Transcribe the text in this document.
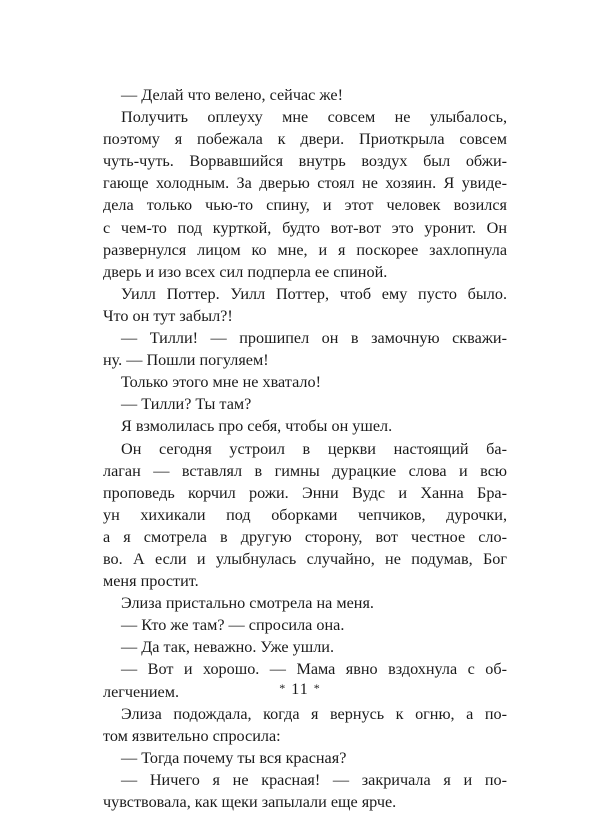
— Делай что велено, сейчас же!
Получить оплеуху мне совсем не улыбалось,
поэтому я побежала к двери. Приоткрыла совсем
чуть-чуть. Ворвавшийся внутрь воздух был обжи-
гающе холодным. За дверью стоял не хозяин. Я увиде-
дела только чью-то спину, и этот человек возился
с чем-то под курткой, будто вот-вот это уронит. Он
развернулся лицом ко мне, и я поскорее захлопнула
дверь и изо всех сил подперла ее спиной.
Уилл Поттер. Уилл Поттер, чтоб ему пусто было.
Что он тут забыл?!
— Тилли! — прошипел он в замочную скважи-
ну. — Пошли погуляем!
Только этого мне не хватало!
— Тилли? Ты там?
Я взмолилась про себя, чтобы он ушел.
Он сегодня устроил в церкви настоящий ба-
лаган — вставлял в гимны дурацкие слова и всю
проповедь корчил рожи. Энни Вудс и Ханна Бра-
ун хихикали под оборками чепчиков, дурочки,
а я смотрела в другую сторону, вот честное сло-
во. А если и улыбнулась случайно, не подумав, Бог
меня простит.
Элиза пристально смотрела на меня.
— Кто же там? — спросила она.
— Да так, неважно. Уже ушли.
— Вот и хорошо. — Мама явно вздохнула с об-
легчением.
Элиза подождала, когда я вернусь к огню, а по-
том язвительно спросила:
— Тогда почему ты вся красная?
— Ничего я не красная! — закричала я и по-
чувствовала, как щеки запылали еще ярче.
* 11 *
